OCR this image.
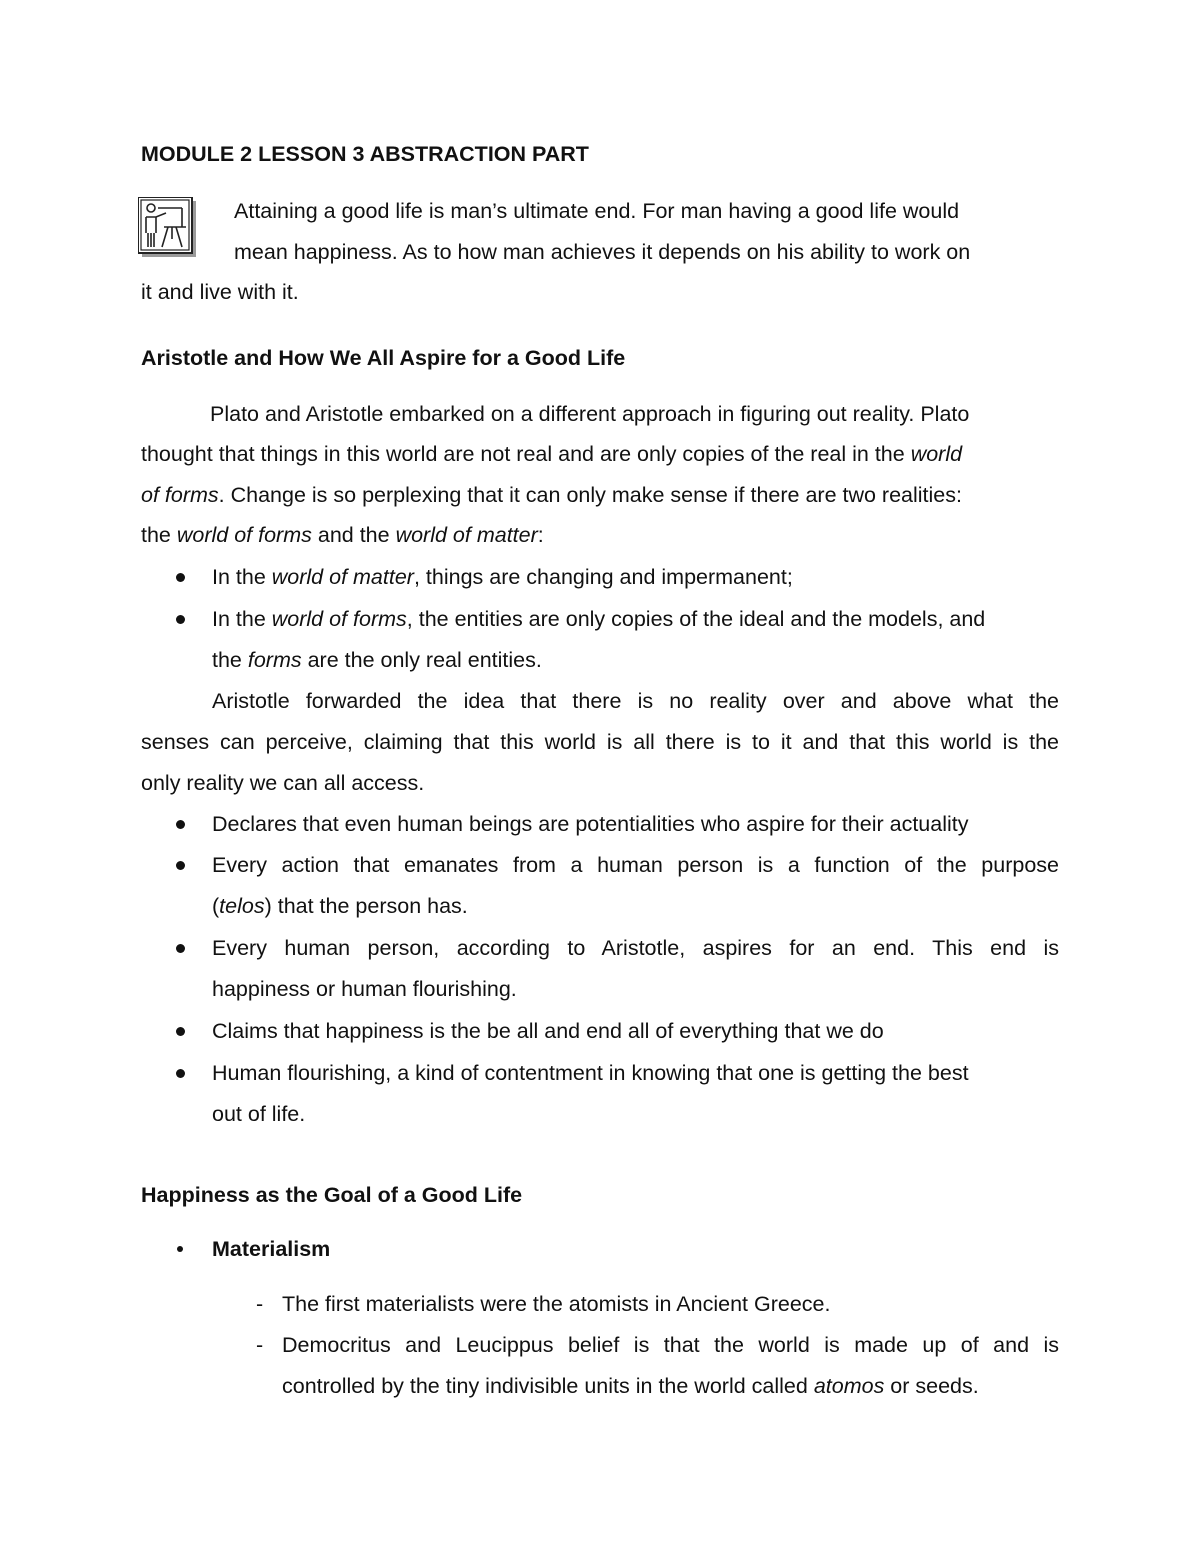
MODULE 2 LESSON 3 ABSTRACTION PART
Attaining a good life is man’s ultimate end. For man having a good life would
mean happiness. As to how man achieves it depends on his ability to work on
it and live with it.
Aristotle and How We All Aspire for a Good Life
Plato and Aristotle embarked on a different approach in figuring out reality. Plato
thought that things in this world are not real and are only copies of the real in the world
of forms. Change is so perplexing that it can only make sense if there are two realities:
the world of forms and the world of matter:
In the world of matter, things are changing and impermanent;
In the world of forms, the entities are only copies of the ideal and the models, and
the forms are the only real entities.
Aristotle forwarded the idea that there is no reality over and above what the
senses can perceive, claiming that this world is all there is to it and that this world is the
only reality we can all access.
Declares that even human beings are potentialities who aspire for their actuality
Every action that emanates from a human person is a function of the purpose
(telos) that the person has.
Every human person, according to Aristotle, aspires for an end. This end is
happiness or human flourishing.
Claims that happiness is the be all and end all of everything that we do
Human flourishing, a kind of contentment in knowing that one is getting the best
out of life.
Happiness as the Goal of a Good Life
Materialism
- The first materialists were the atomists in Ancient Greece.
- Democritus and Leucippus belief is that the world is made up of and is
controlled by the tiny indivisible units in the world called atomos or seeds.
